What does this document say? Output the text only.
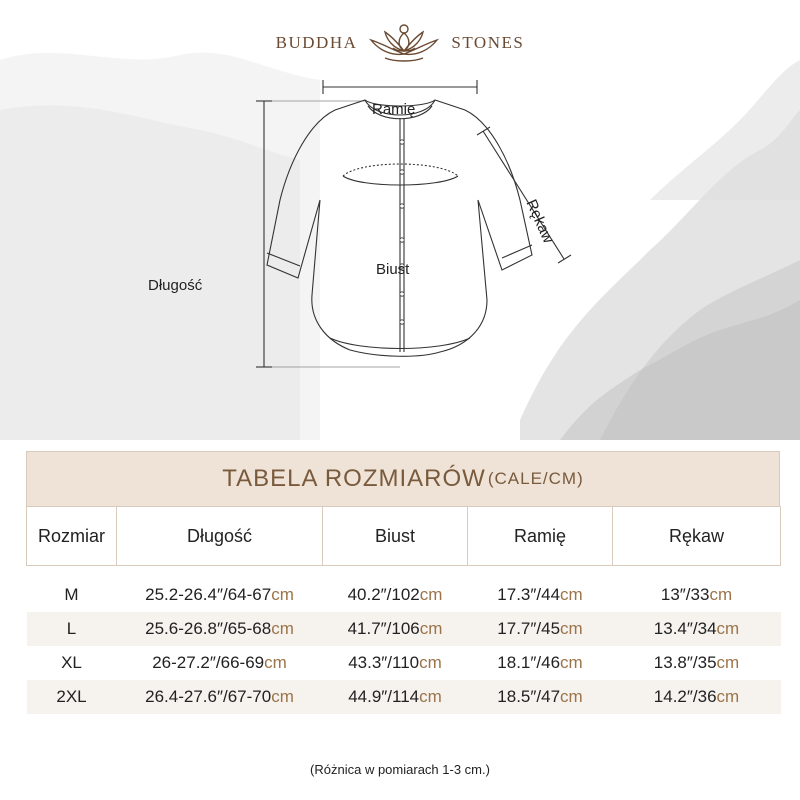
BUDDHA	STONES
Ramię
Długość
Biust
Rękaw
TABELA ROZMIARÓW (CALE/CM)
Rozmiar	Długość	Biust	Ramię	Rękaw

M	25.2-26.4″/64-67cm	40.2″/102cm	17.3″/44cm	13″/33cm
L	25.6-26.8″/65-68cm	41.7″/106cm	17.7″/45cm	13.4″/34cm
XL	26-27.2″/66-69cm	43.3″/110cm	18.1″/46cm	13.8″/35cm
2XL	26.4-27.6″/67-70cm	44.9″/114cm	18.5″/47cm	14.2″/36cm
(Różnica w pomiarach 1-3 cm.)
